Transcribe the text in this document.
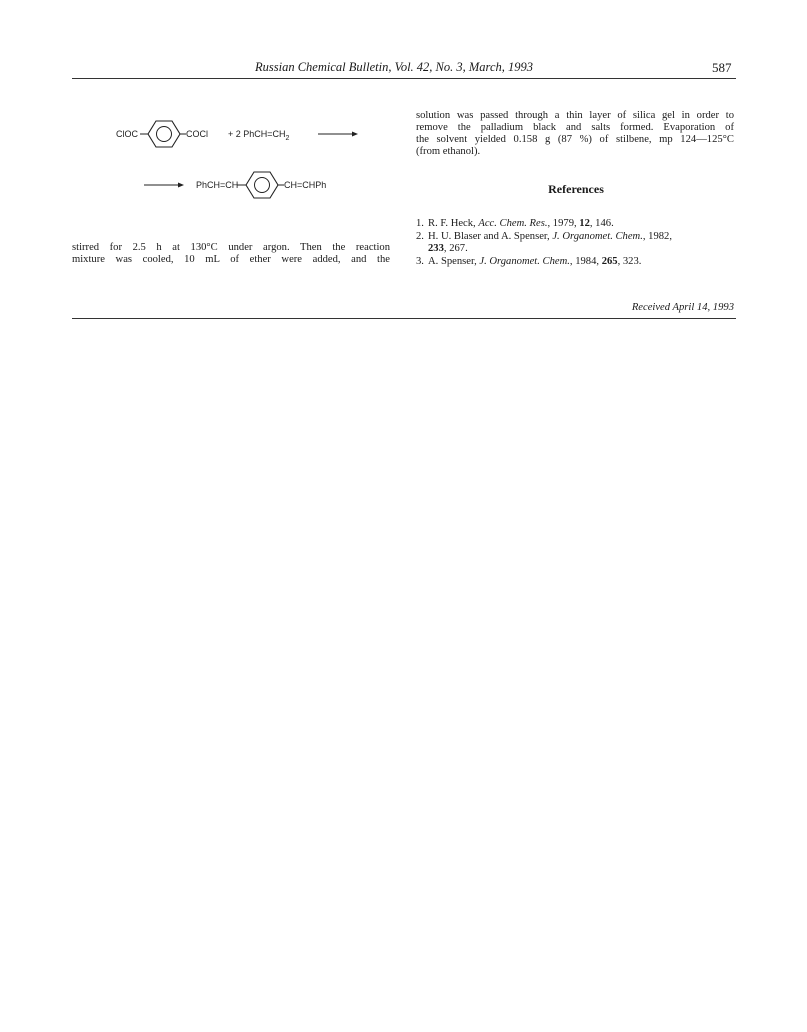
Russian Chemical Bulletin, Vol. 42, No. 3, March, 1993	587
ClOC	COCl + 2 $PhCH=CH_2$
PhCH=CH	CH=CHPh
stirred for 2.5 h at 130°C under argon. Then the reaction
mixture was cooled, 10 mL of ether were added, and the
solution was passed through a thin layer of silica gel in order to
remove the palladium black and salts formed. Evaporation of
the solvent yielded 0.158 g (87 %) of stilbene, mp 124—125°C
(from ethanol).
References
1. R. F. Heck, Acc. Chem. Res., 1979, 12, 146.
2. H. U. Blaser and A. Spenser, J. Organomet. Chem., 1982,
233, 267.
3. A. Spenser, J. Organomet. Chem., 1984, 265, 323.
Received April 14, 1993
